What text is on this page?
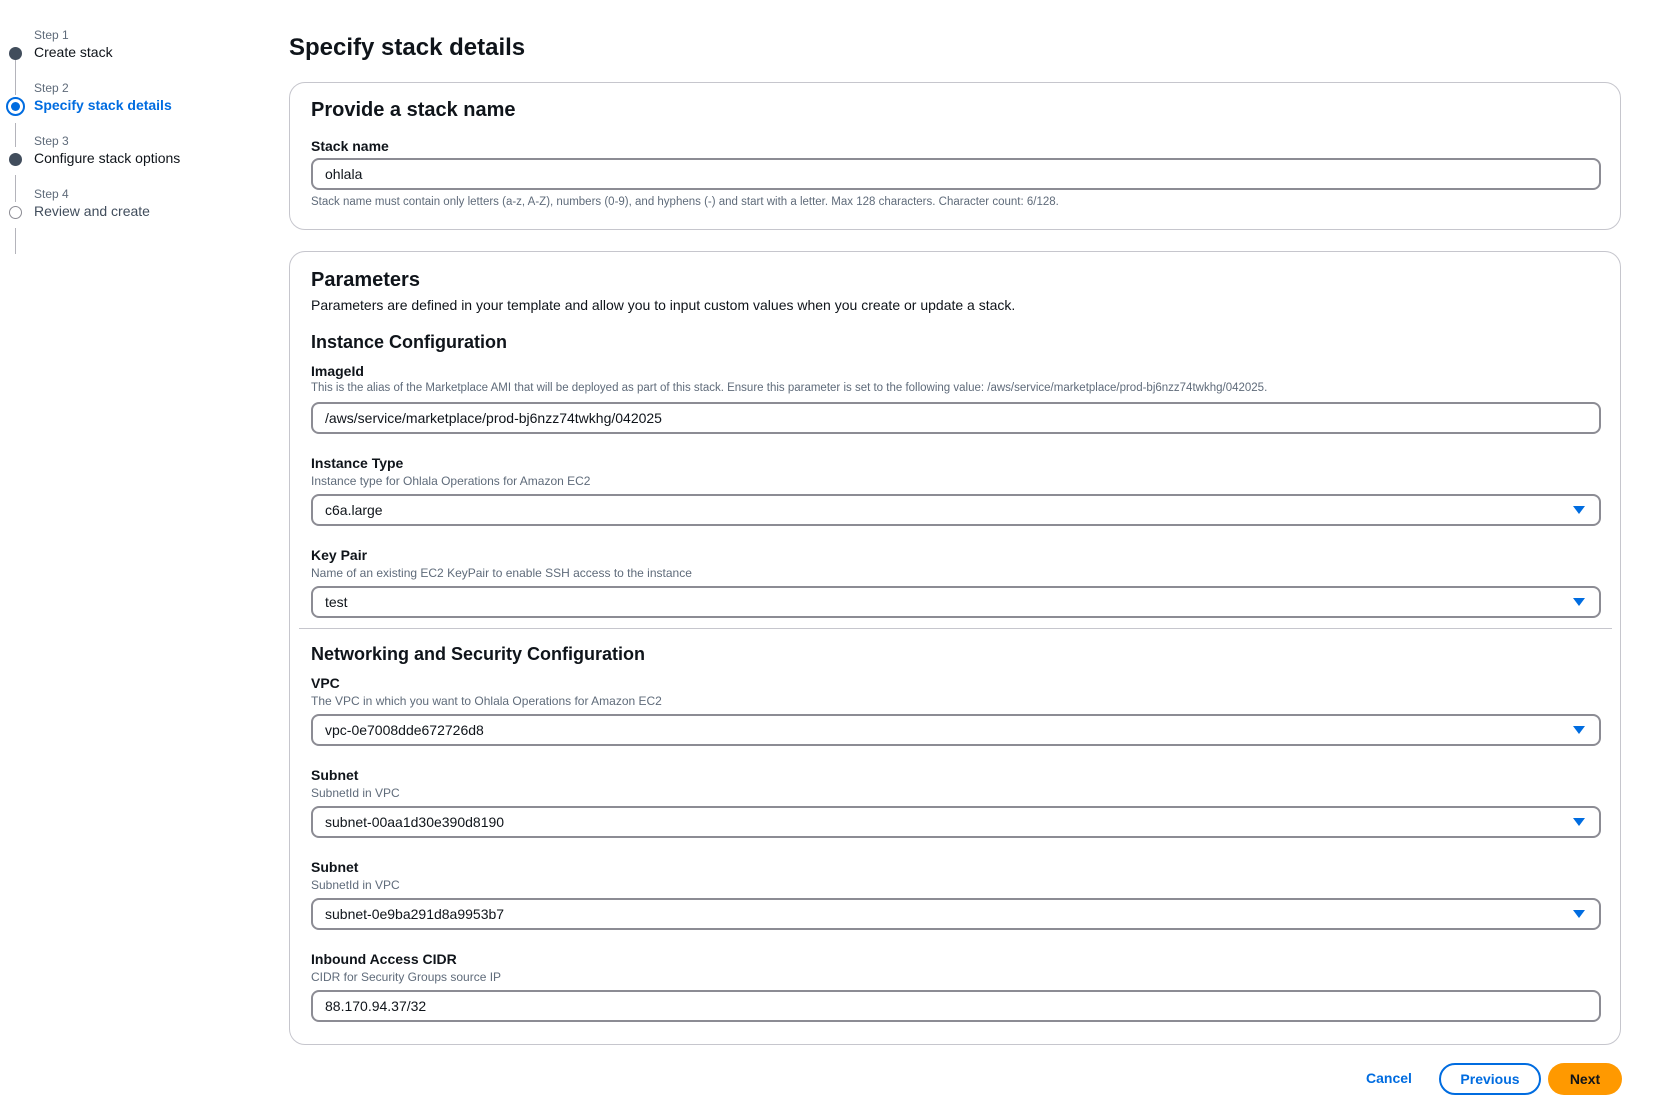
Step 1
Create stack
Step 2
Specify stack details
Step 3
Configure stack options
Step 4
Review and create
Specify stack details
Provide a stack name
Stack name
ohlala
Stack name must contain only letters (a-z, A-Z), numbers (0-9), and hyphens (-) and start with a letter. Max 128 characters. Character count: 6/128.
Parameters
Parameters are defined in your template and allow you to input custom values when you create or update a stack.
Instance Configuration
ImageId
This is the alias of the Marketplace AMI that will be deployed as part of this stack. Ensure this parameter is set to the following value: /aws/service/marketplace/prod-bj6nzz74twkhg/042025.
/aws/service/marketplace/prod-bj6nzz74twkhg/042025
Instance Type
Instance type for Ohlala Operations for Amazon EC2
c6a.large
Key Pair
Name of an existing EC2 KeyPair to enable SSH access to the instance
test
Networking and Security Configuration
VPC
The VPC in which you want to Ohlala Operations for Amazon EC2
vpc-0e7008dde672726d8
Subnet
SubnetId in VPC
subnet-00aa1d30e390d8190
Subnet
SubnetId in VPC
subnet-0e9ba291d8a9953b7
Inbound Access CIDR
CIDR for Security Groups source IP
88.170.94.37/32
Cancel	Previous	Next
